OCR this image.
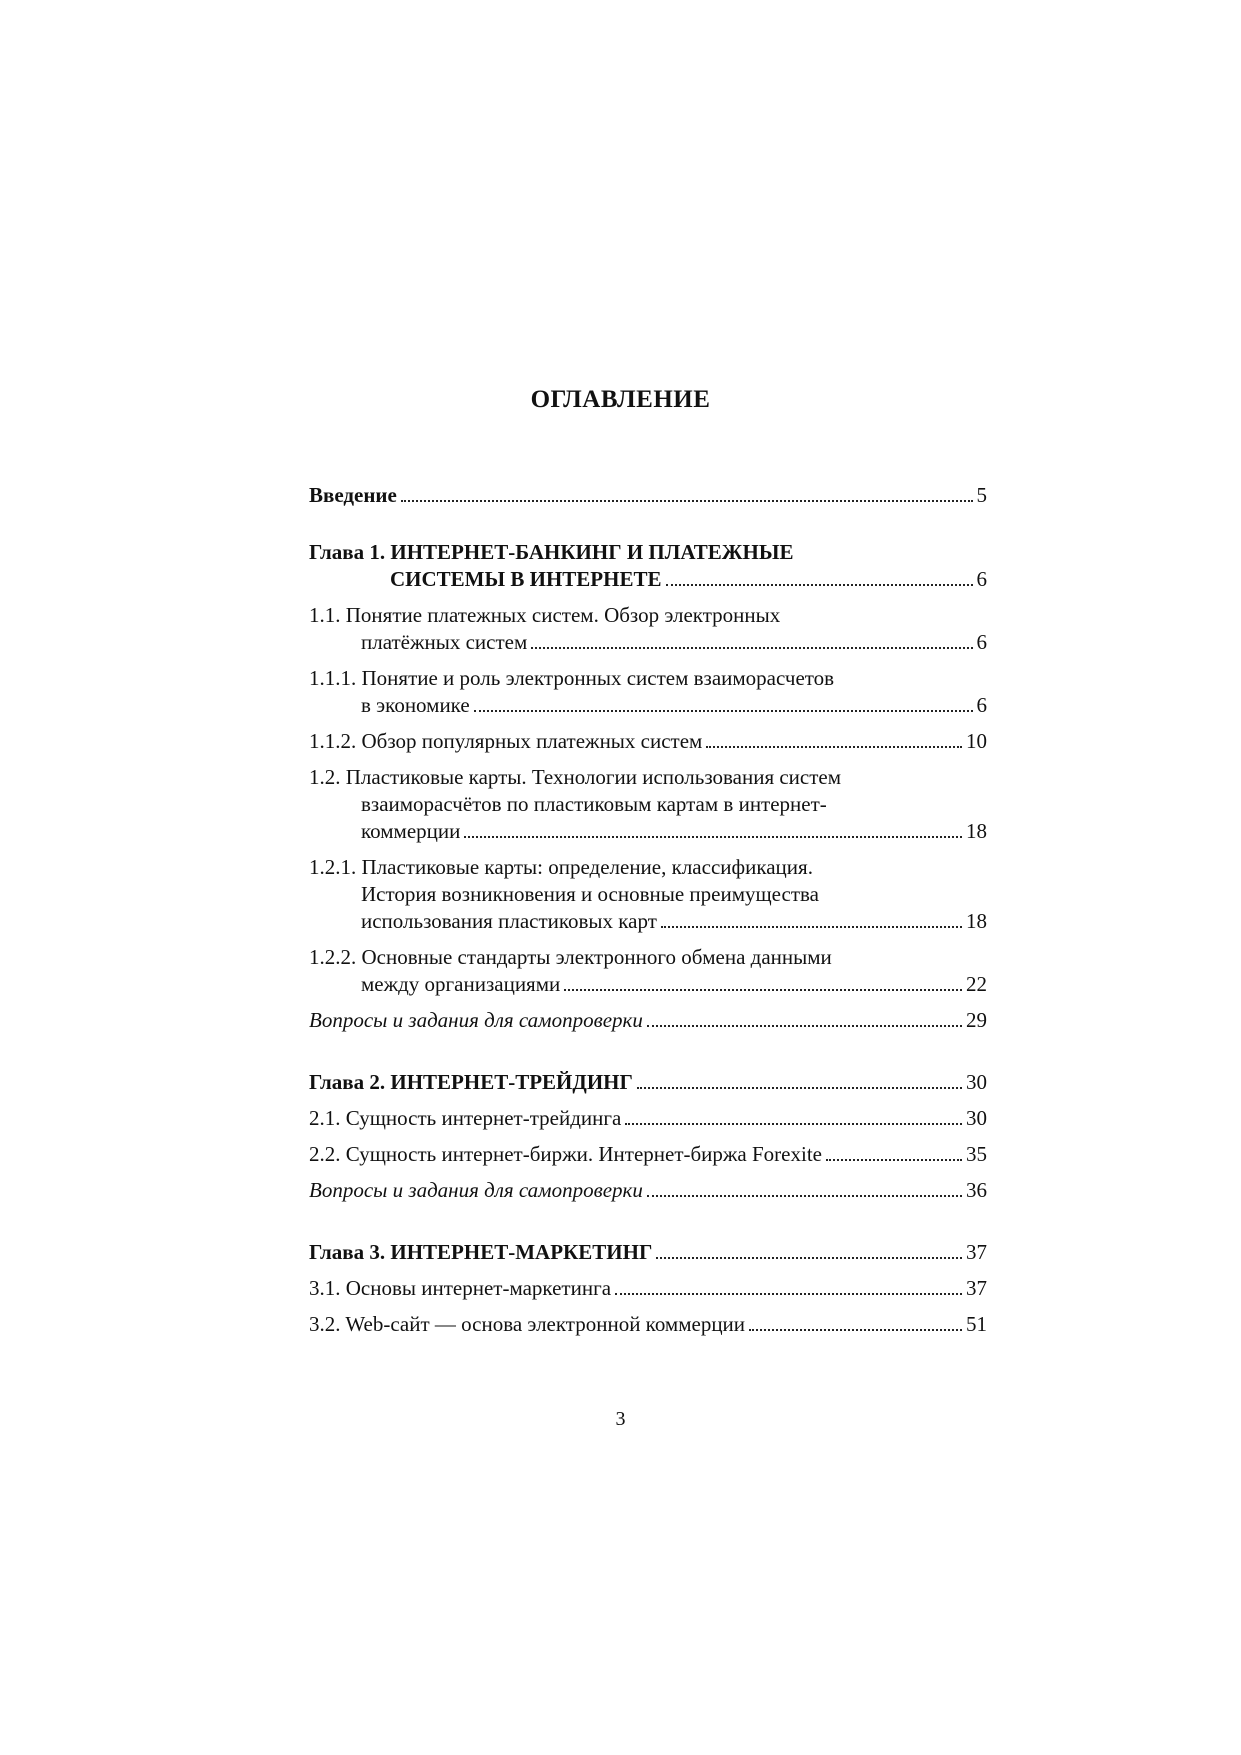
ОГЛАВЛЕНИЕ
Введение	5
Глава 1. ИНТЕРНЕТ-БАНКИНГ И ПЛАТЕЖНЫЕ
СИСТЕМЫ В ИНТЕРНЕТЕ	6
1.1. Понятие платежных систем. Обзор электронных
платёжных систем	6
1.1.1. Понятие и роль электронных систем взаиморасчетов
в экономике	6
1.1.2. Обзор популярных платежных систем	10
1.2. Пластиковые карты. Технологии использования систем
взаиморасчётов по пластиковым картам в интернет-
коммерции	18
1.2.1. Пластиковые карты: определение, классификация.
История возникновения и основные преимущества
использования пластиковых карт	18
1.2.2. Основные стандарты электронного обмена данными
между организациями	22
Вопросы и задания для самопроверки	29
Глава 2. ИНТЕРНЕТ-ТРЕЙДИНГ	30
2.1. Сущность интернет-трейдинга	30
2.2. Сущность интернет-биржи. Интернет-биржа Forexite	35
Вопросы и задания для самопроверки	36
Глава 3. ИНТЕРНЕТ-МАРКЕТИНГ	37
3.1. Основы интернет-маркетинга	37
3.2. Web-сайт — основа электронной коммерции	51
3
